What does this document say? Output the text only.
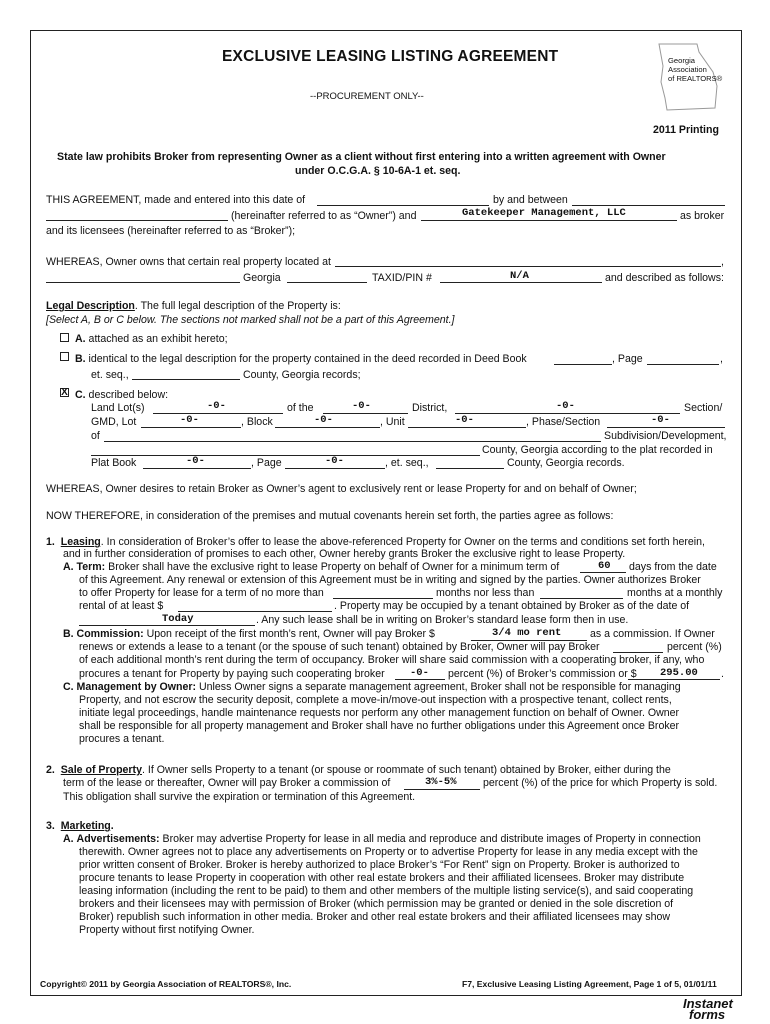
EXCLUSIVE LEASING LISTING AGREEMENT
--PROCUREMENT ONLY--
2011 Printing
Georgia
Association
of REALTORS®
State law prohibits Broker from representing Owner as a client without first entering into a written agreement with Owner
under O.C.G.A. § 10-6A-1 et. seq.
THIS AGREEMENT, made and entered into this date of	by and between
(hereinafter referred to as “Owner”) and	Gatekeeper Management, LLC	as broker
and its licensees (hereinafter referred to as “Broker”);
WHEREAS, Owner owns that certain real property located at	,
Georgia	TAXID/PIN #	N/A	and described as follows:
Legal Description. The full legal description of the Property is:
[Select A, B or C below. The sections not marked shall not be a part of this Agreement.]
A. attached as an exhibit hereto;
B. identical to the legal description for the property contained in the deed recorded in Deed Book	, Page	,
et. seq.,	County, Georgia records;
X C. described below:
Land Lot(s)	-0-	of the	-0-	District,	-0-	Section/
GMD, Lot	-0-	, Block	-0-	, Unit	-0-	, Phase/Section	-0-
of	Subdivision/Development,
County, Georgia according to the plat recorded in
Plat Book	-0-	, Page	-0-	, et. seq.,	County, Georgia records.
WHEREAS, Owner desires to retain Broker as Owner’s agent to exclusively rent or lease Property for and on behalf of Owner;
NOW THEREFORE, in consideration of the premises and mutual covenants herein set forth, the parties agree as follows:
1. Leasing. In consideration of Broker’s offer to lease the above-referenced Property for Owner on the terms and conditions set forth herein,
and in further consideration of promises to each other, Owner hereby grants Broker the exclusive right to lease Property.
A. Term: Broker shall have the exclusive right to lease Property on behalf of Owner for a minimum term of	60 days from the date
of this Agreement. Any renewal or extension of this Agreement must be in writing and signed by the parties. Owner authorizes Broker
to offer Property for lease for a term of no more than	months nor less than	months at a monthly
rental of at least $	. Property may be occupied by a tenant obtained by Broker as of the date of
Today	. Any such lease shall be in writing on Broker’s standard lease form then in use.
B. Commission: Upon receipt of the first month’s rent, Owner will pay Broker $	3/4 mo rent	as a commission. If Owner
renews or extends a lease to a tenant (or the spouse of such tenant) obtained by Broker, Owner will pay Broker	percent (%)
of each additional month’s rent during the term of occupancy. Broker will share said commission with a cooperating broker, if any, who
procures a tenant for Property by paying such cooperating broker -0- percent (%) of Broker’s commission or $ 295.00 .
C. Management by Owner: Unless Owner signs a separate management agreement, Broker shall not be responsible for managing
Property, and not escrow the security deposit, complete a move-in/move-out inspection with a prospective tenant, collect rents,
initiate legal proceedings, handle maintenance requests nor perform any other management function on behalf of Owner. Owner
shall be responsible for all property management and Broker shall have no further obligations under this Agreement once Broker
procures a tenant.
2. Sale of Property. If Owner sells Property to a tenant (or spouse or roommate of such tenant) obtained by Broker, either during the
term of the lease or thereafter, Owner will pay Broker a commission of	3%-5% percent (%) of the price for which Property is sold.
This obligation shall survive the expiration or termination of this Agreement.
3. Marketing.
A. Advertisements: Broker may advertise Property for lease in all media and reproduce and distribute images of Property in connection
therewith. Owner agrees not to place any advertisements on Property or to advertise Property for lease in any media except with the
prior written consent of Broker. Broker is hereby authorized to place Broker’s “For Rent” sign on Property. Broker is authorized to
procure tenants to lease Property in cooperation with other real estate brokers and their affiliated licensees. Broker may distribute
leasing information (including the rent to be paid) to them and other members of the multiple listing service(s), and said cooperating
brokers and their licensees may with permission of Broker (which permission may be granted or denied in the sole discretion of
Broker) republish such information in other media. Broker and other real estate brokers and their affiliated licensees may show
Property without first notifying Owner.
Copyright© 2011 by Georgia Association of REALTORS®, Inc.	F7, Exclusive Leasing Listing Agreement, Page 1 of 5, 01/01/11
Instanet
forms
